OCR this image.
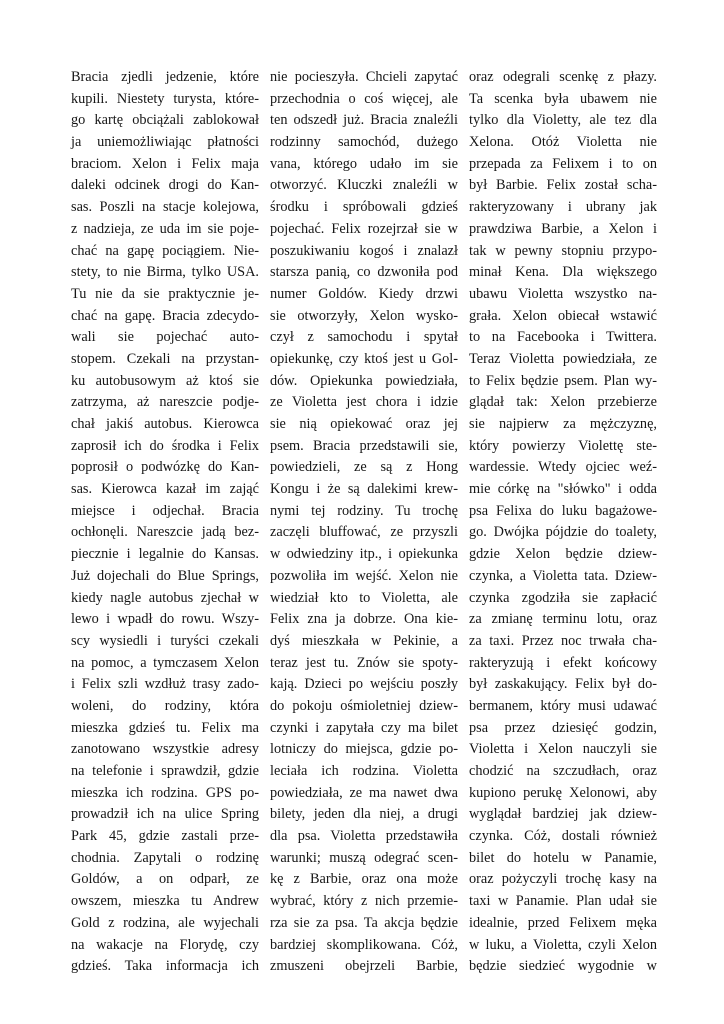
Bracia zjedli jedzenie, które
kupili. Niestety turysta, które-
go kartę obciążali zablokował
ja uniemożliwiając płatności
braciom. Xelon i Felix maja
daleki odcinek drogi do Kan-
sas. Poszli na stacje kolejowa,
z nadzieja, ze uda im sie poje-
chać na gapę pociągiem. Nie-
stety, to nie Birma, tylko USA.
Tu nie da sie praktycznie je-
chać na gapę. Bracia zdecydo-
wali sie pojechać auto-
stopem. Czekali na przystan-
ku autobusowym aż ktoś sie
zatrzyma, aż nareszcie podje-
chał jakiś autobus. Kierowca
zaprosił ich do środka i Felix
poprosił o podwózkę do Kan-
sas. Kierowca kazał im zająć
miejsce i odjechał. Bracia
ochłonęli. Nareszcie jadą bez-
piecznie i legalnie do Kansas.
Już dojechali do Blue Springs,
kiedy nagle autobus zjechał w
lewo i wpadł do rowu. Wszy-
scy wysiedli i turyści czekali
na pomoc, a tymczasem Xelon
i Felix szli wzdłuż trasy zado-
woleni, do rodziny, która
mieszka gdzieś tu. Felix ma
zanotowano wszystkie adresy
na telefonie i sprawdził, gdzie
mieszka ich rodzina. GPS po-
prowadził ich na ulice Spring
Park 45, gdzie zastali prze-
chodnia. Zapytali o rodzinę
Goldów, a on odparł, ze
owszem, mieszka tu Andrew
Gold z rodzina, ale wyjechali
na wakacje na Florydę, czy
gdzieś. Taka informacja ich
nie pocieszyła. Chcieli zapytać
przechodnia o coś więcej, ale
ten odszedł już. Bracia znaleźli
rodzinny samochód, dużego
vana, którego udało im sie
otworzyć. Kluczki znaleźli w
środku i spróbowali gdzieś
pojechać. Felix rozejrzał sie w
poszukiwaniu kogoś i znalazł
starsza panią, co dzwoniła pod
numer Goldów. Kiedy drzwi
sie otworzyły, Xelon wysko-
czył z samochodu i spytał
opiekunkę, czy ktoś jest u Gol-
dów. Opiekunka powiedziała,
ze Violetta jest chora i idzie
sie nią opiekować oraz jej
psem. Bracia przedstawili sie,
powiedzieli, ze są z Hong
Kongu i że są dalekimi krew-
nymi tej rodziny. Tu trochę
zaczęli bluffować, ze przyszli
w odwiedziny itp., i opiekunka
pozwoliła im wejść. Xelon nie
wiedział kto to Violetta, ale
Felix zna ja dobrze. Ona kie-
dyś mieszkała w Pekinie, a
teraz jest tu. Znów sie spoty-
kają. Dzieci po wejściu poszły
do pokoju ośmioletniej dziew-
czynki i zapytała czy ma bilet
lotniczy do miejsca, gdzie po-
leciała ich rodzina. Violetta
powiedziała, ze ma nawet dwa
bilety, jeden dla niej, a drugi
dla psa. Violetta przedstawiła
warunki; muszą odegrać scen-
kę z Barbie, oraz ona może
wybrać, który z nich przemie-
rza sie za psa. Ta akcja będzie
bardziej skomplikowana. Cóż,
zmuszeni obejrzeli Barbie,
oraz odegrali scenkę z płazy.
Ta scenka była ubawem nie
tylko dla Violetty, ale tez dla
Xelona. Otóż Violetta nie
przepada za Felixem i to on
był Barbie. Felix został scha-
rakteryzowany i ubrany jak
prawdziwa Barbie, a Xelon i
tak w pewny stopniu przypo-
minał Kena. Dla większego
ubawu Violetta wszystko na-
grała. Xelon obiecał wstawić
to na Facebooka i Twittera.
Teraz Violetta powiedziała, ze
to Felix będzie psem. Plan wy-
glądał tak: Xelon przebierze
sie najpierw za mężczyznę,
który powierzy Violettę ste-
wardessie. Wtedy ojciec weź-
mie córkę na "słówko" i odda
psa Felixa do luku bagażowe-
go. Dwójka pójdzie do toalety,
gdzie Xelon będzie dziew-
czynka, a Violetta tata. Dziew-
czynka zgodziła sie zapłacić
za zmianę terminu lotu, oraz
za taxi. Przez noc trwała cha-
rakteryzują i efekt końcowy
był zaskakujący. Felix był do-
bermanem, który musi udawać
psa przez dziesięć godzin,
Violetta i Xelon nauczyli sie
chodzić na szczudłach, oraz
kupiono perukę Xelonowi, aby
wyglądał bardziej jak dziew-
czynka. Cóż, dostali również
bilet do hotelu w Panamie,
oraz pożyczyli trochę kasy na
taxi w Panamie. Plan udał sie
idealnie, przed Felixem męka
w luku, a Violetta, czyli Xelon
będzie siedzieć wygodnie w
